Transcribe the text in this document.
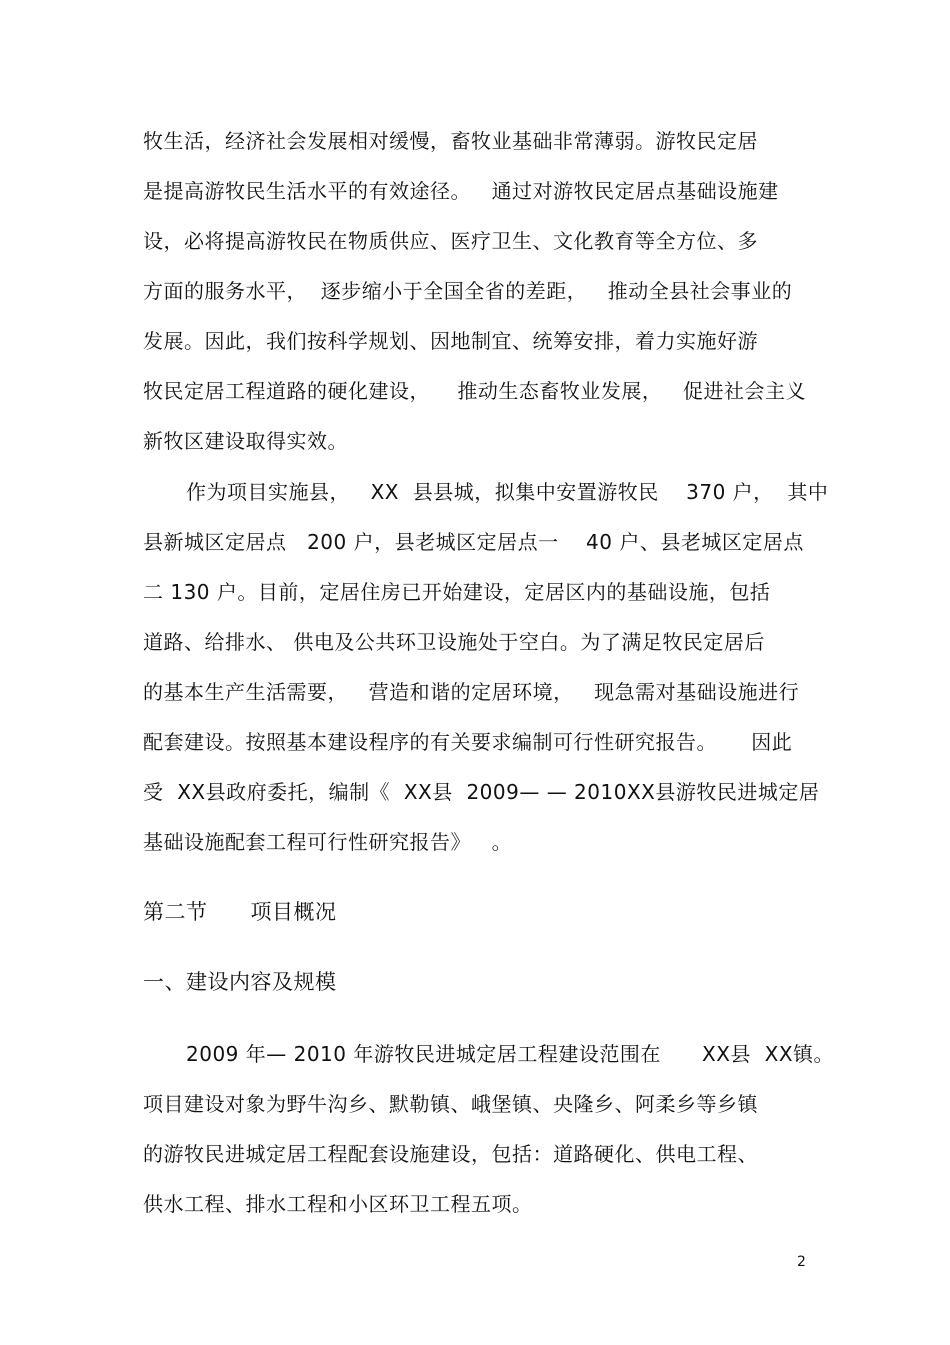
牧生活，经济社会发展相对缓慢，畜牧业基础非常薄弱。游牧民定居
是提高游牧民生活水平的有效途径。   通过对游牧民定居点基础设施建
设，必将提高游牧民在物质供应、医疗卫生、文化教育等全方位、多
方面的服务水平，  逐步缩小于全国全省的差距，   推动全县社会事业的
发展。因此，我们按科学规划、因地制宜、统筹安排，着力实施好游
牧民定居工程道路的硬化建设，    推动生态畜牧业发展，   促进社会主义
新牧区建设取得实效。
作为项目实施县，   XX  县县城，拟集中安置游牧民    370 户，  其中
县新城区定居点   200 户，县老城区定居点一    40 户、县老城区定居点
二 130 户。目前，定居住房已开始建设，定居区内的基础设施，包括
道路、给排水、 供电及公共环卫设施处于空白。为了满足牧民定居后
的基本生产生活需要，   营造和谐的定居环境，   现急需对基础设施进行
配套建设。按照基本建设程序的有关要求编制可行性研究报告。     因此
受  XX县政府委托，编制《  XX县  2009— — 2010XX县游牧民进城定居
基础设施配套工程可行性研究报告》   。
第二节      项目概况
一、建设内容及规模
2009 年— 2010 年游牧民进城定居工程建设范围在      XX县  XX镇。
项目建设对象为野牛沟乡、默勒镇、峨堡镇、央隆乡、阿柔乡等乡镇
的游牧民进城定居工程配套设施建设，包括：道路硬化、供电工程、
供水工程、排水工程和小区环卫工程五项。
2
